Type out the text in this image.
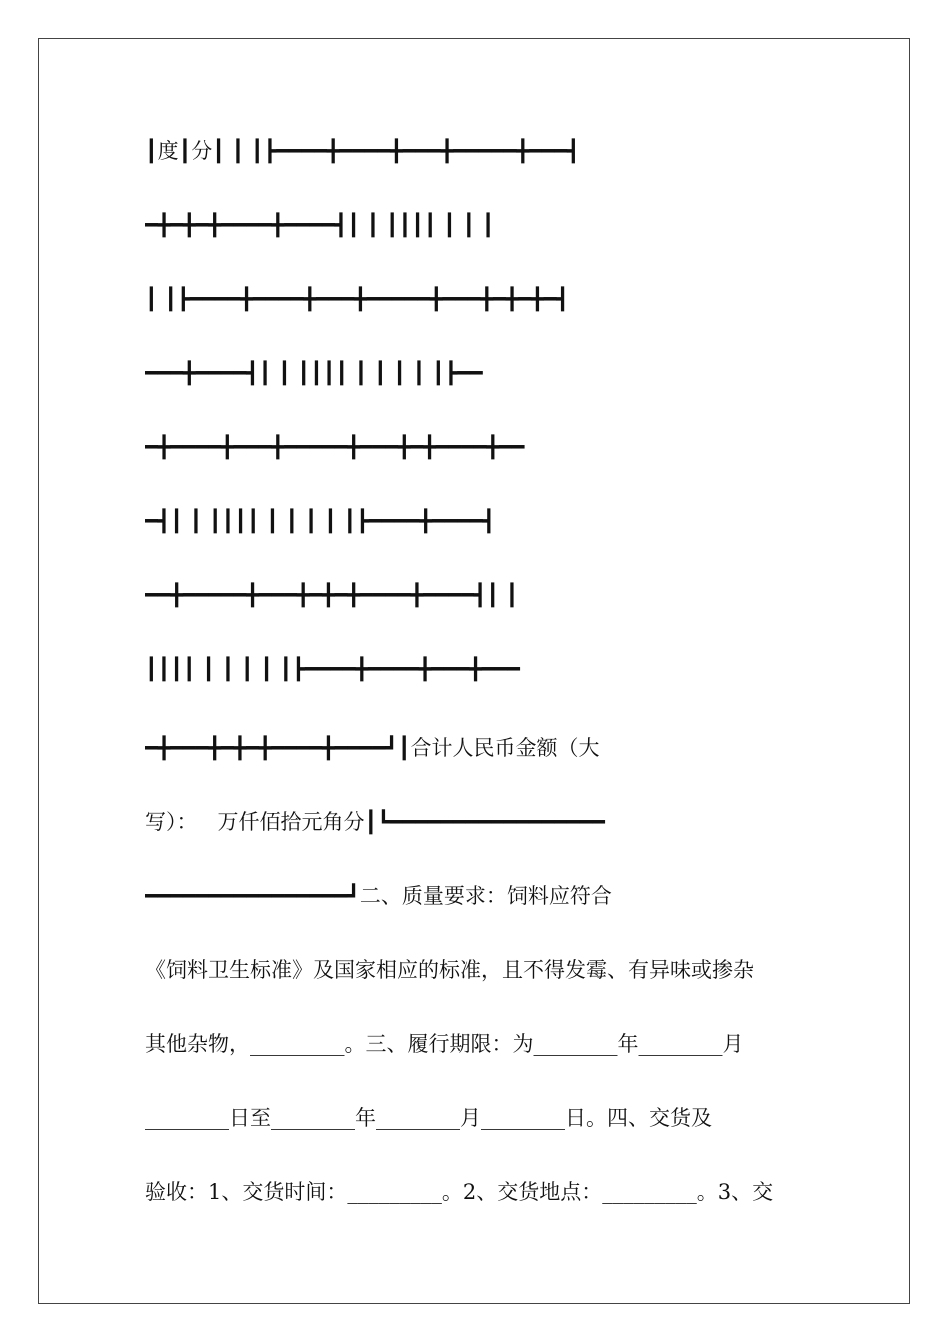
┃度┃分┃ ┃ ┃┣━━━━╋━━━━╋━━━╋━━━━━╋━━━┫
━╋━╋━╋━━━━╋━━━━┫┃ ┃ ┃┃┃┃ ┃ ┃ ┃
┃ ┃┣━━━━╋━━━━╋━━━╋━━━━━╋━━━╋━╋━╋━┫
━━━╋━━━━┫┃ ┃ ┃┃┃┃ ┃ ┃ ┃ ┃ ┃┣━━
━╋━━━━╋━━━╋━━━━━╋━━━╋━╋━━━━╋━━
━┫┃ ┃ ┃┃┃┃ ┃ ┃ ┃ ┃ ┃┣━━━━╋━━━━┫
━━╋━━━━━╋━━━╋━╋━╋━━━━╋━━━━┫┃ ┃
┃┃┃┃ ┃ ┃ ┃ ┃ ┃┣━━━━╋━━━━╋━━━╋━━━
━╋━━━╋━╋━╋━━━━╋━━━━┛┃合计人民币金额（大
写）：   万仟佰拾元角分┃┗━━━━━━━━━━━━━━━━━
━━━━━━━━━━━━━━━━┛二、质量要求：饲料应符合
《饲料卫生标准》及国家相应的标准，且不得发霉、有异味或掺杂
其他杂物，_________。三、履行期限：为________年________月
________日至________年________月________日。四、交货及
验收：1、交货时间：_________。2、交货地点：_________。3、交
